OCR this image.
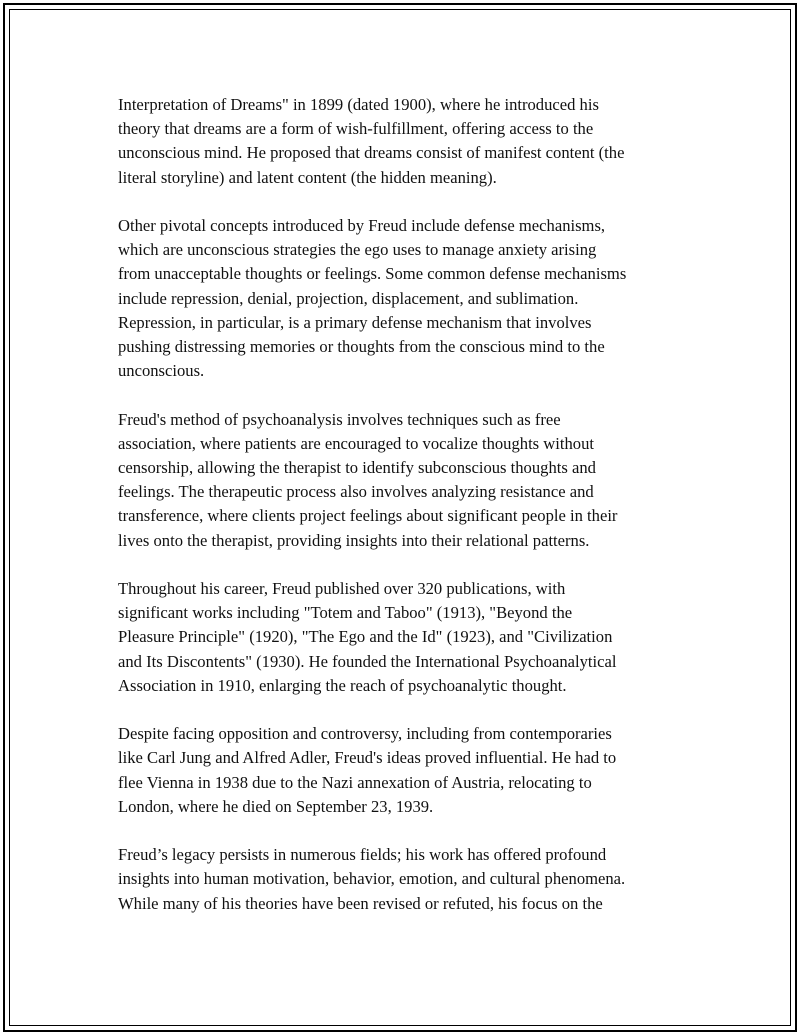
Interpretation of Dreams" in 1899 (dated 1900), where he introduced his
theory that dreams are a form of wish-fulfillment, offering access to the
unconscious mind. He proposed that dreams consist of manifest content (the
literal storyline) and latent content (the hidden meaning).

Other pivotal concepts introduced by Freud include defense mechanisms,
which are unconscious strategies the ego uses to manage anxiety arising
from unacceptable thoughts or feelings. Some common defense mechanisms
include repression, denial, projection, displacement, and sublimation.
Repression, in particular, is a primary defense mechanism that involves
pushing distressing memories or thoughts from the conscious mind to the
unconscious.

Freud's method of psychoanalysis involves techniques such as free
association, where patients are encouraged to vocalize thoughts without
censorship, allowing the therapist to identify subconscious thoughts and
feelings. The therapeutic process also involves analyzing resistance and
transference, where clients project feelings about significant people in their
lives onto the therapist, providing insights into their relational patterns.

Throughout his career, Freud published over 320 publications, with
significant works including "Totem and Taboo" (1913), "Beyond the
Pleasure Principle" (1920), "The Ego and the Id" (1923), and "Civilization
and Its Discontents" (1930). He founded the International Psychoanalytical
Association in 1910, enlarging the reach of psychoanalytic thought.

Despite facing opposition and controversy, including from contemporaries
like Carl Jung and Alfred Adler, Freud's ideas proved influential. He had to
flee Vienna in 1938 due to the Nazi annexation of Austria, relocating to
London, where he died on September 23, 1939.

Freud’s legacy persists in numerous fields; his work has offered profound
insights into human motivation, behavior, emotion, and cultural phenomena.
While many of his theories have been revised or refuted, his focus on the
